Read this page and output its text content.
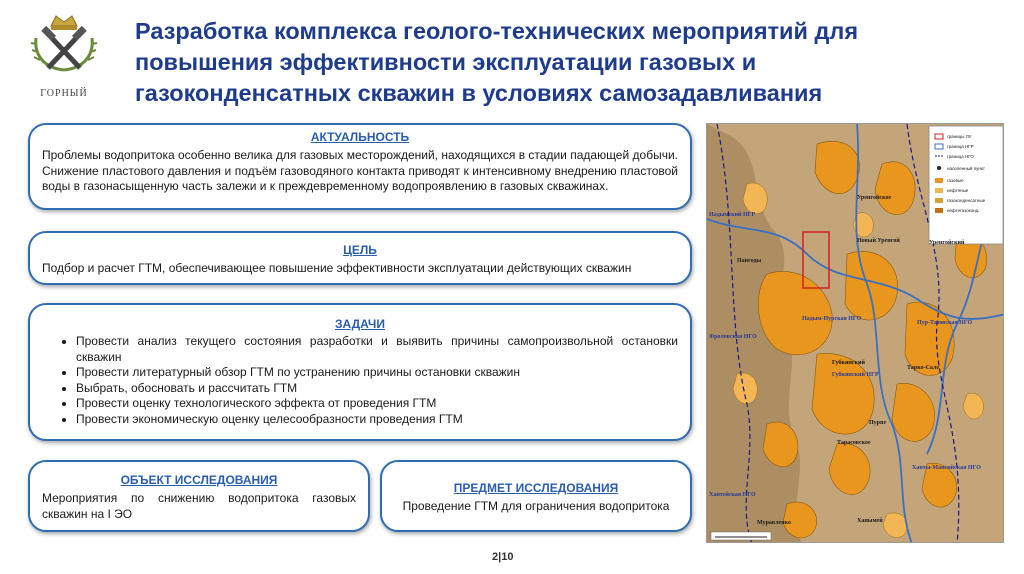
ГОРНЫЙ
Разработка комплекса геолого-технических мероприятий для повышения эффективности эксплуатации газовых и газоконденсатных скважин в условиях самозадавливания
АКТУАЛЬНОСТЬ

Проблемы водопритока особенно велика для газовых месторождений, находящихся в стадии падающей добычи. Снижение пластового давления и подъём газоводяного контакта приводят к интенсивному внедрению пластовой воды в газонасыщенную часть залежи и к преждевременному водопроявлению в газовых скважинах.

ЦЕЛЬ

Подбор и расчет ГТМ, обеспечивающее повышение эффективности эксплуатации действующих скважин

ЗАДАЧИ
• Провести анализ текущего состояния разработки и выявить причины самопроизвольной остановки скважин
• Провести литературный обзор ГТМ по устранению причины остановки скважин
• Выбрать, обосновать и рассчитать ГТМ
• Провести оценку технологического эффекта от проведения ГТМ
• Провести экономическую оценку целесообразности проведения ГТМ
ОБЪЕКТ ИССЛЕДОВАНИЯ

Мероприятия по снижению водопритока газовых скважин на I ЭО

ПРЕДМЕТ ИССЛЕДОВАНИЯ

Проведение ГТМ для ограничения водопритока

границы ЛУ
граница НГР
граница НГО
населенный пункт
газовые
нефтяные
газоконденсатные
нефтегазоконд.
Уренгойское
Новый Уренгой
Надымский НГР
Пангоды
Уренгойский
Надым-Пурская НГО
Пур-Тазовская НГО
Фроловская НГО
Губкинский
Губкинский НГР
Тарко-Сале
Пурпе
Тарасовское
Ханты-Мансийская НГО
Муравленко
Хантейская НГО
Ханымей
2|10
